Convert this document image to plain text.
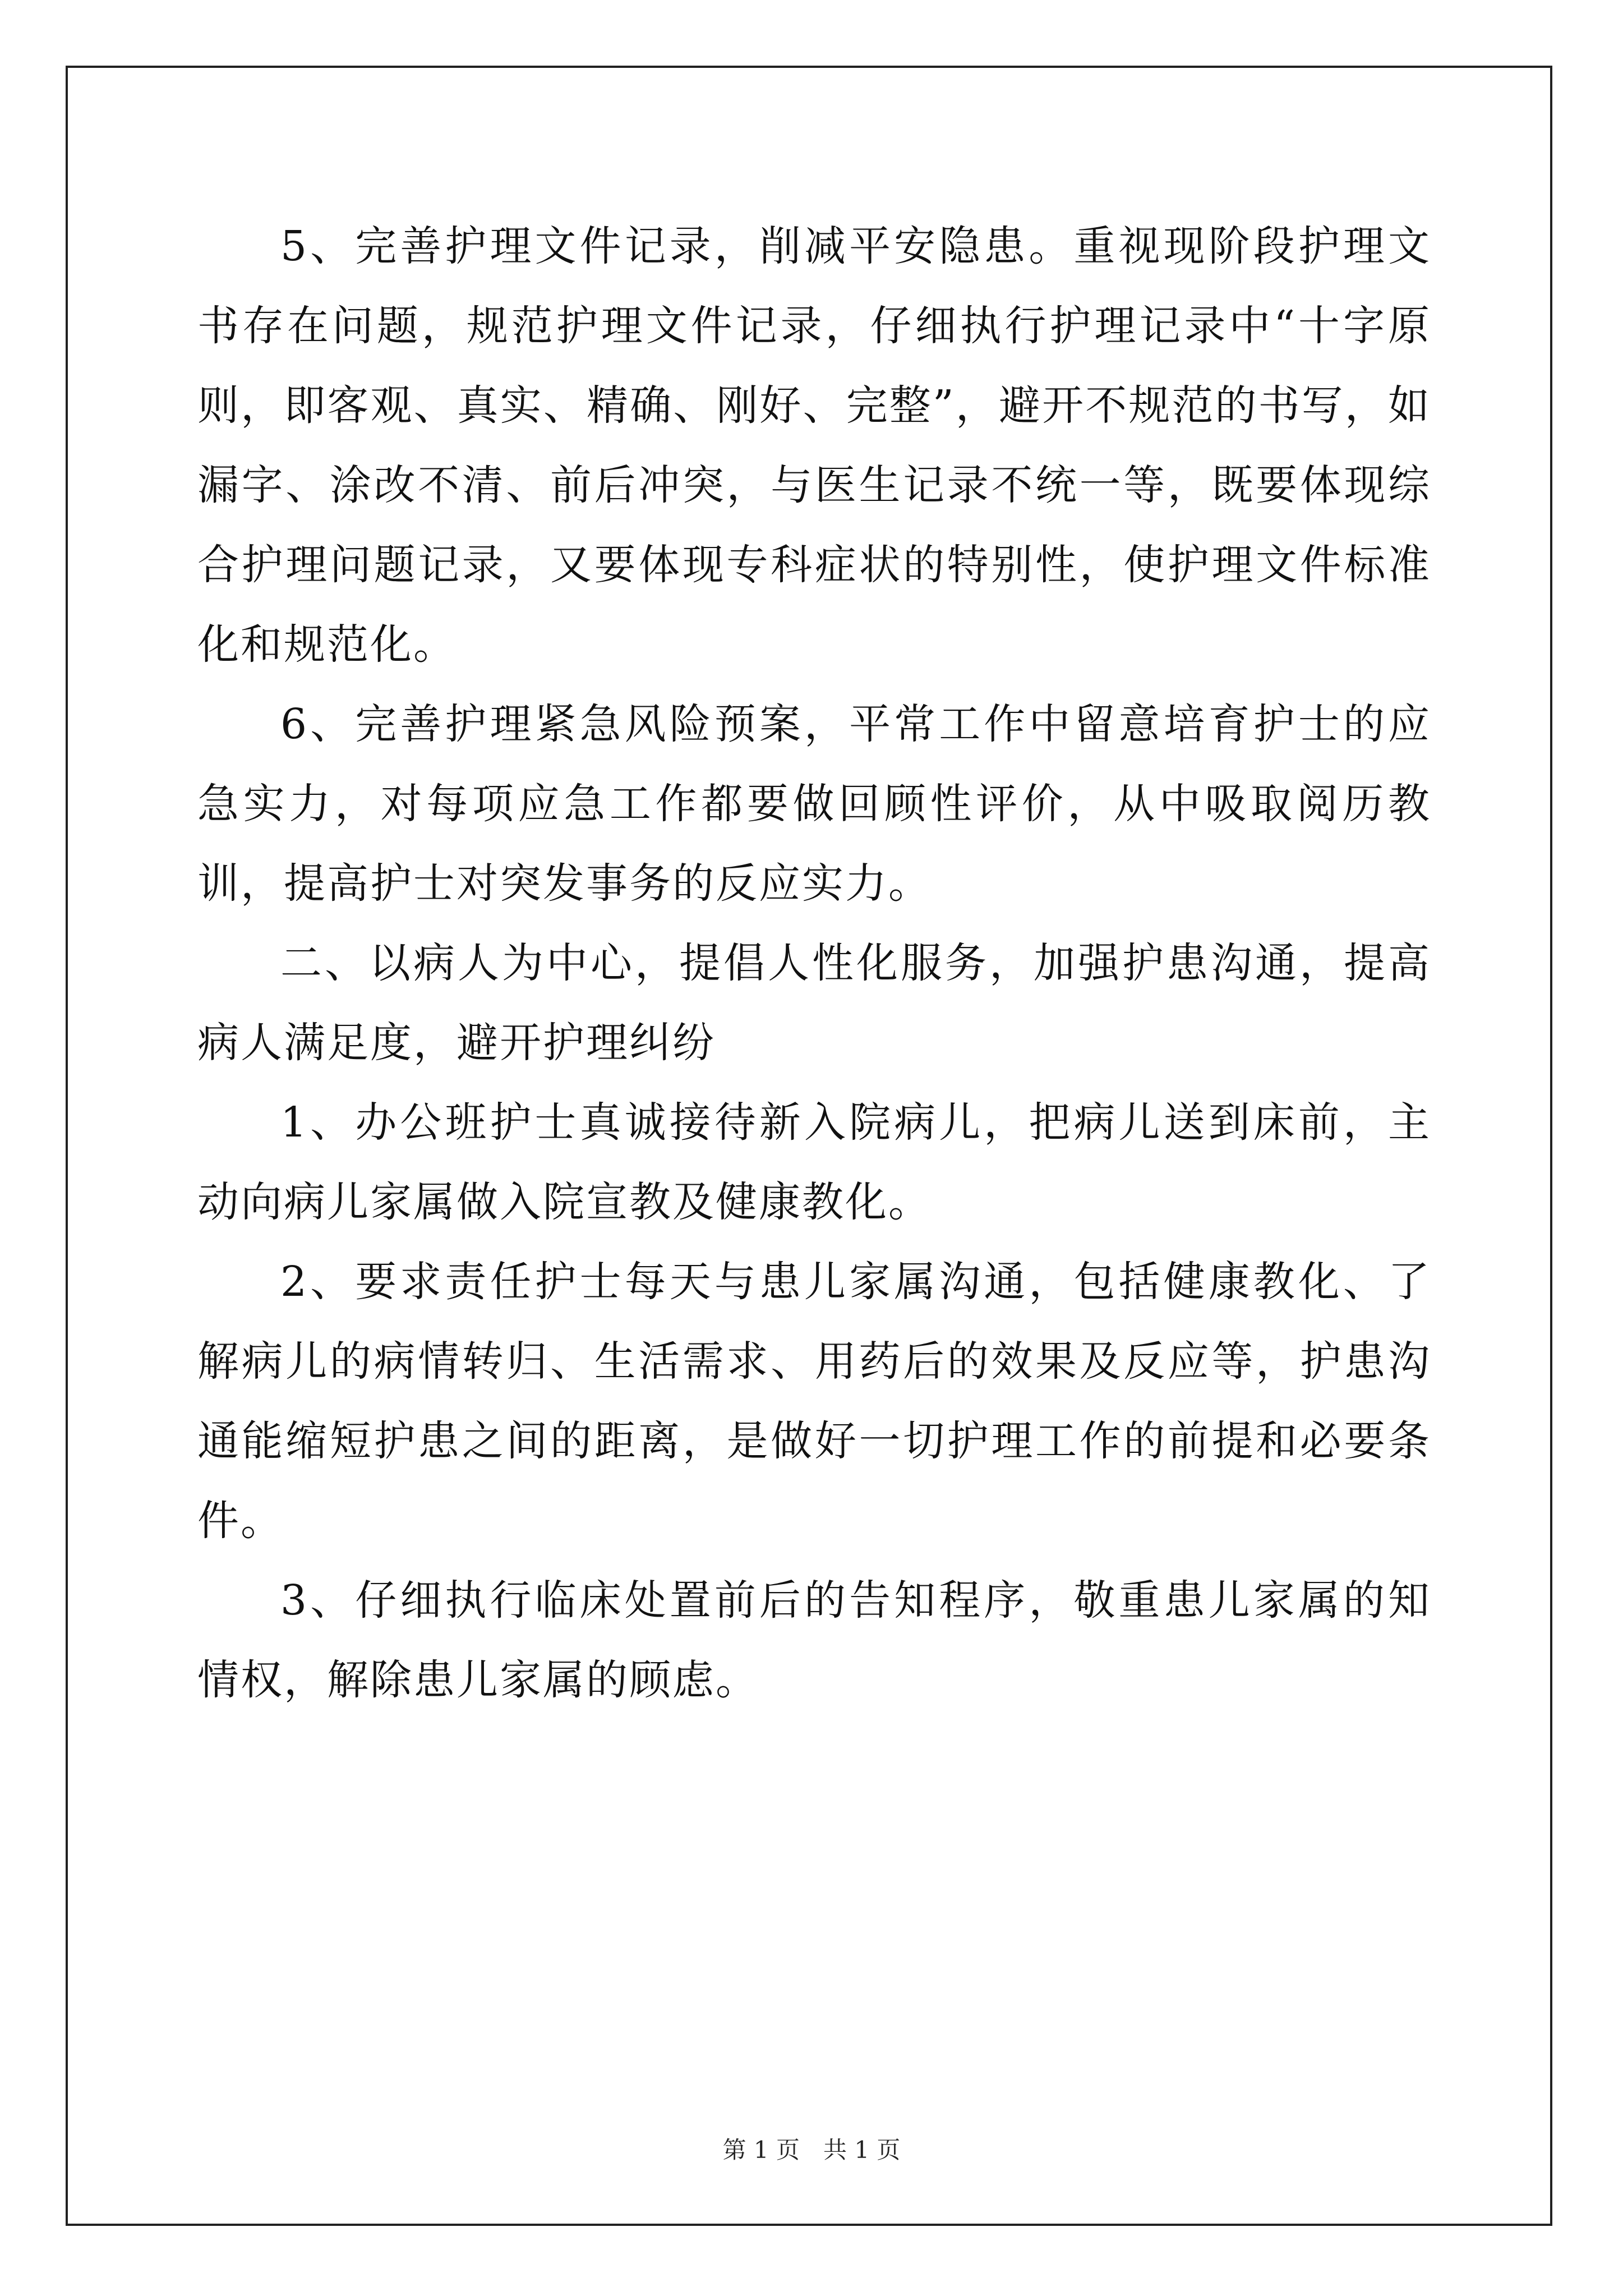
5、完善护理文件记录，削减平安隐患。重视现阶段护理文书存在问题，规范护理文件记录，仔细执行护理记录中“十字原则，即客观、真实、精确、刚好、完整”，避开不规范的书写，如漏字、涂改不清、前后冲突，与医生记录不统一等，既要体现综合护理问题记录，又要体现专科症状的特别性，使护理文件标准化和规范化。

6、完善护理紧急风险预案，平常工作中留意培育护士的应急实力，对每项应急工作都要做回顾性评价，从中吸取阅历教训，提高护士对突发事务的反应实力。

二、以病人为中心，提倡人性化服务，加强护患沟通，提高病人满足度，避开护理纠纷

1、办公班护士真诚接待新入院病儿，把病儿送到床前，主动向病儿家属做入院宣教及健康教化。

2、要求责任护士每天与患儿家属沟通，包括健康教化、了解病儿的病情转归、生活需求、用药后的效果及反应等，护患沟通能缩短护患之间的距离，是做好一切护理工作的前提和必要条件。

3、仔细执行临床处置前后的告知程序，敬重患儿家属的知情权，解除患儿家属的顾虑。

第 1 页　共 1 页
